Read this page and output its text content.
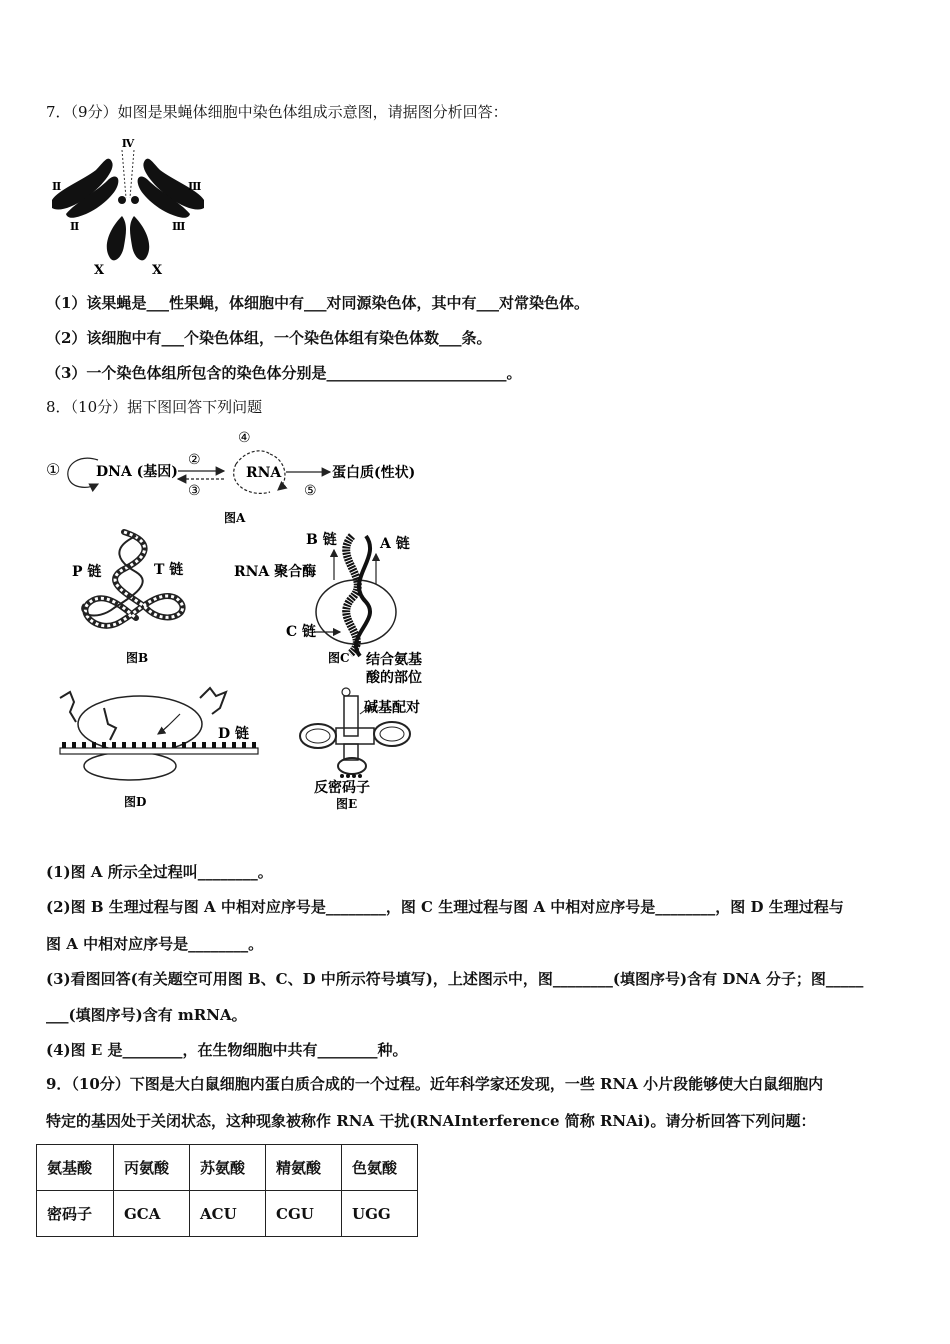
7．（9分）如图是果蝇体细胞中染色体组成示意图，请据图分析回答：
Ⅳ
Ⅱ
Ⅱ
Ⅲ
Ⅲ
X	X
（1）该果蝇是___性果蝇，体细胞中有___对同源染色体，其中有___对常染色体。
（2）该细胞中有___个染色体组，一个染色体组有染色体数___条。
（3）一个染色体组所包含的染色体分别是________________________。
8．（10分）据下图回答下列问题
①	DNA (基因)
②
③
④
RNA
⑤
蛋白质(性状)
图A
P 链	T 链
图B
B 链	A 链
RNA 聚合酶
C 链
图C
D 链
图D
结合氨基
酸的部位
碱基配对
反密码子
图E
(1)图 A 所示全过程叫________。
(2)图 B 生理过程与图 A 中相对应序号是________，图 C 生理过程与图 A 中相对应序号是________，图 D 生理过程与
图 A 中相对应序号是________。
(3)看图回答(有关题空可用图 B、C、D 中所示符号填写)，上述图示中，图________(填图序号)含有 DNA 分子；图_____
___(填图序号)含有 mRNA。
(4)图 E 是________，在生物细胞中共有________种。
9．（10分）下图是大白鼠细胞内蛋白质合成的一个过程。近年科学家还发现，一些 RNA 小片段能够使大白鼠细胞内
特定的基因处于关闭状态，这种现象被称作 RNA 干扰(RNAInterference 简称 RNAi)。请分析回答下列问题：
氨基酸	丙氨酸	苏氨酸	精氨酸	色氨酸
密码子	GCA	ACU	CGU	UGG
